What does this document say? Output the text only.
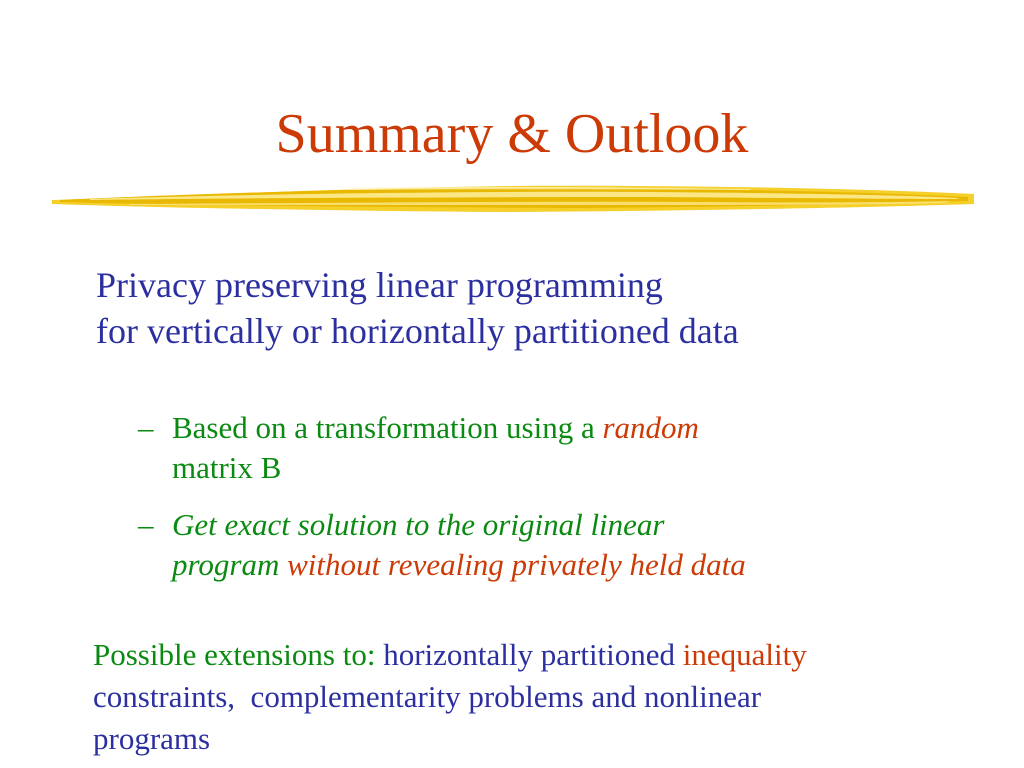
Summary & Outlook
Privacy preserving linear programming
for vertically or horizontally partitioned data
– Based on a transformation using a random
matrix B
– Get exact solution to the original linear
program without revealing privately held data
Possible extensions to: horizontally partitioned inequality
constraints,  complementarity problems and nonlinear
programs
